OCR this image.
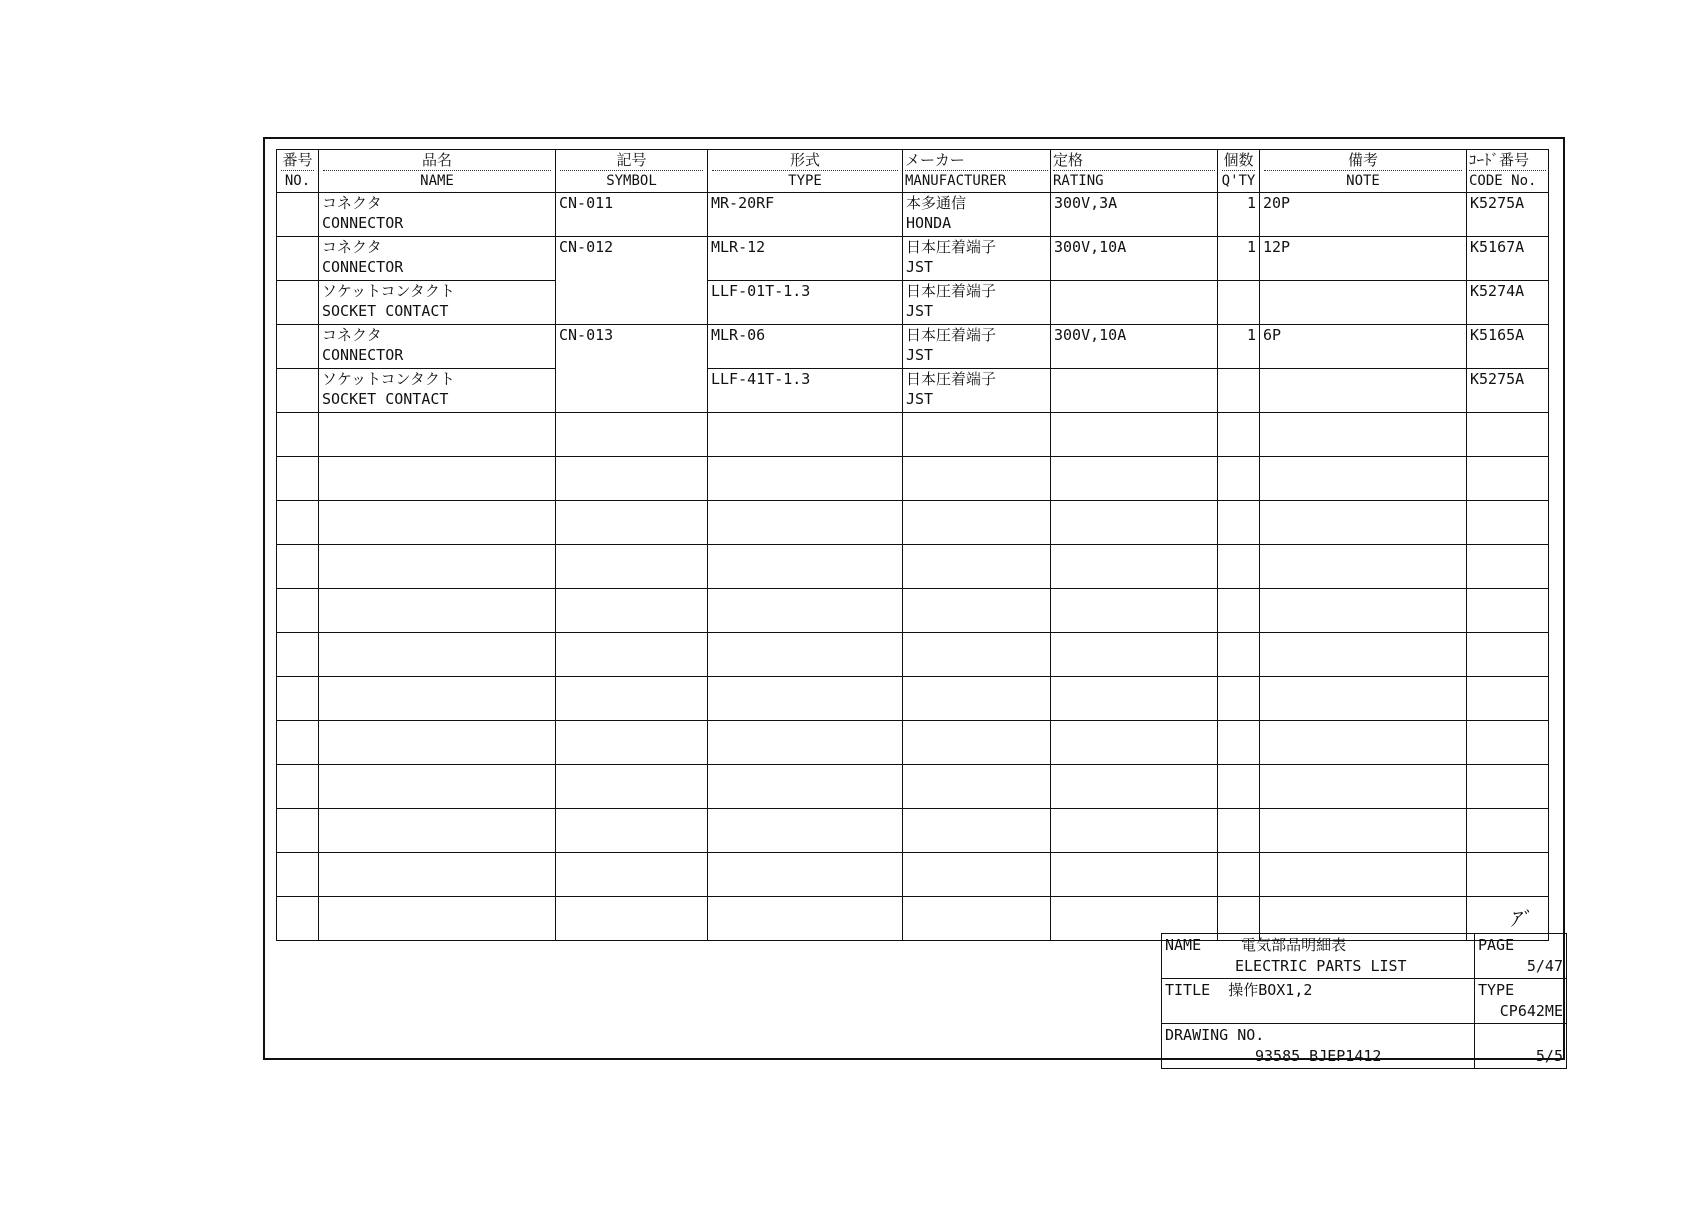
番号
NO.	品名
NAME	記号
SYMBOL	形式
TYPE	メーカー
MANUFACTURER	定格
RATING	個数
Q'TY	備考
NOTE	ｺｰﾄﾞ番号
CODE No.

	コネクタ
CONNECTOR	CN-011	MR-20RF	本多通信
HONDA	300V,3A	1	20P	K5275A

	コネクタ
CONNECTOR	CN-012	MLR-12	日本圧着端子
JST	300V,10A	1	12P	K5167A

	ソケットコンタクト
SOCKET CONTACT		LLF-01T-1.3	日本圧着端子
JST				K5274A

	コネクタ
CONNECTOR	CN-013	MLR-06	日本圧着端子
JST	300V,10A	1	6P	K5165A

	ソケットコンタクト
SOCKET CONTACT		LLF-41T-1.3	日本圧着端子
JST				K5275A

ｱﾞ
NAME 電気部品明細表
ELECTRIC PARTS LIST	PAGE
5/47

TITLE 操作BOX1,2	TYPE
CP642ME

DRAWING NO.
93585 BJEP1412	5/5
